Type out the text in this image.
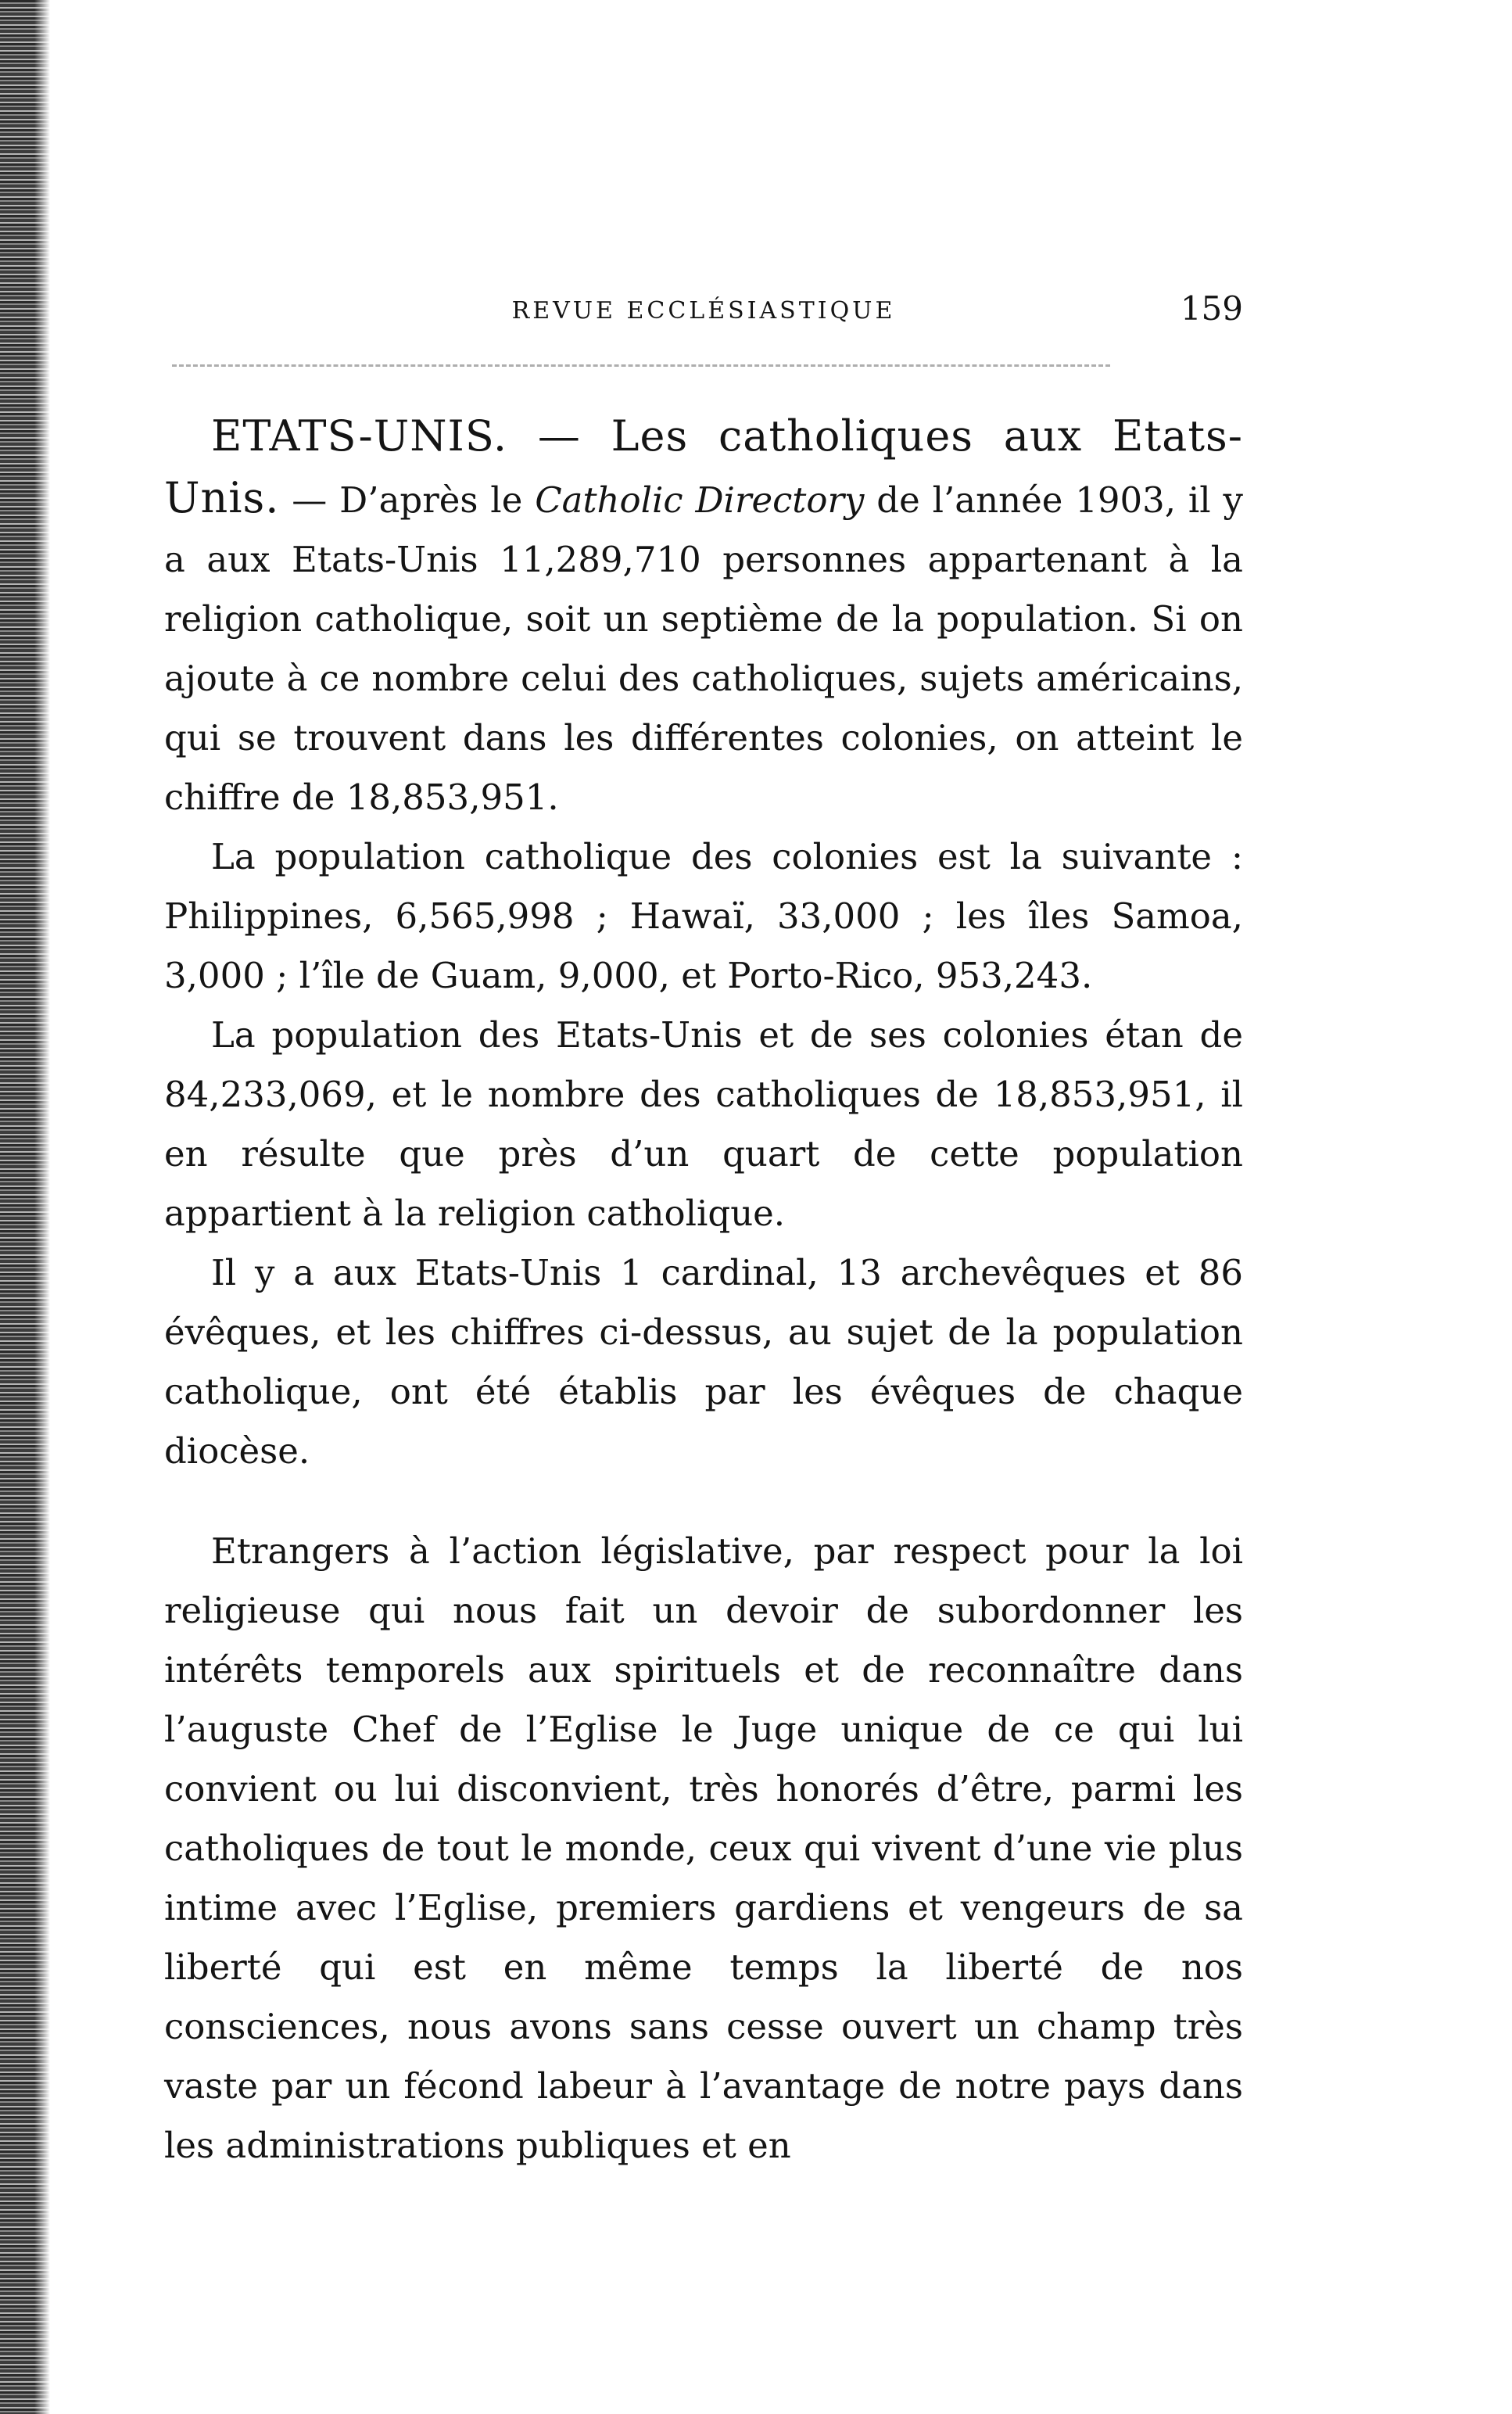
REVUE ECCLÉSIASTIQUE	159

ETATS-UNIS. — Les catholiques aux Etats-Unis. — D’après le Catholic Directory de l’année 1903, il y a aux Etats-Unis 11,289,710 personnes appartenant à la religion catholique, soit un septième de la population. Si on ajoute à ce nombre celui des catholiques, sujets américains, qui se trouvent dans les différentes colonies, on atteint le chiffre de 18,853,951.

La population catholique des colonies est la suivante : Philippines, 6,565,998 ; Hawaï, 33,000 ; les îles Samoa, 3,000 ; l’île de Guam, 9,000, et Porto-Rico, 953,243.

La population des Etats-Unis et de ses colonies étan de 84,233,069, et le nombre des catholiques de 18,853,951, il en résulte que près d’un quart de cette population appartient à la religion catholique.

Il y a aux Etats-Unis 1 cardinal, 13 archevêques et 86 évêques, et les chiffres ci-dessus, au sujet de la population catholique, ont été établis par les évêques de chaque diocèse.

Etrangers à l’action législative, par respect pour la loi religieuse qui nous fait un devoir de subordonner les intérêts temporels aux spirituels et de reconnaître dans l’auguste Chef de l’Eglise le Juge unique de ce qui lui convient ou lui disconvient, très honorés d’être, parmi les catholiques de tout le monde, ceux qui vivent d’une vie plus intime avec l’Eglise, premiers gardiens et vengeurs de sa liberté qui est en même temps la liberté de nos consciences, nous avons sans cesse ouvert un champ très vaste par un fécond labeur à l’avantage de notre pays dans les administrations publiques et en
